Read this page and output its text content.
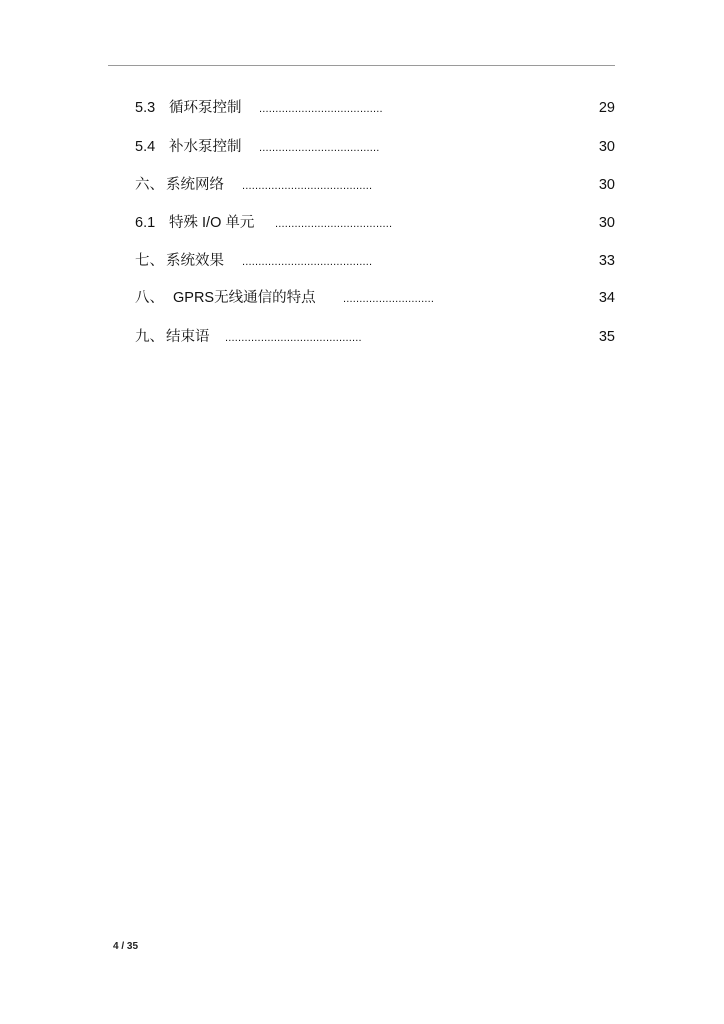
5.3 循环泵控制 ......................................	29
5.4 补水泵控制 .....................................	30
六、 系统网络 ........................................	30
6.1 特殊 I/O 单元 ....................................	30
七、 系统效果 ........................................	33
八、 GPRS无线通信的特点 ............................	34
九、 结束语 ..........................................	35
4 / 35
